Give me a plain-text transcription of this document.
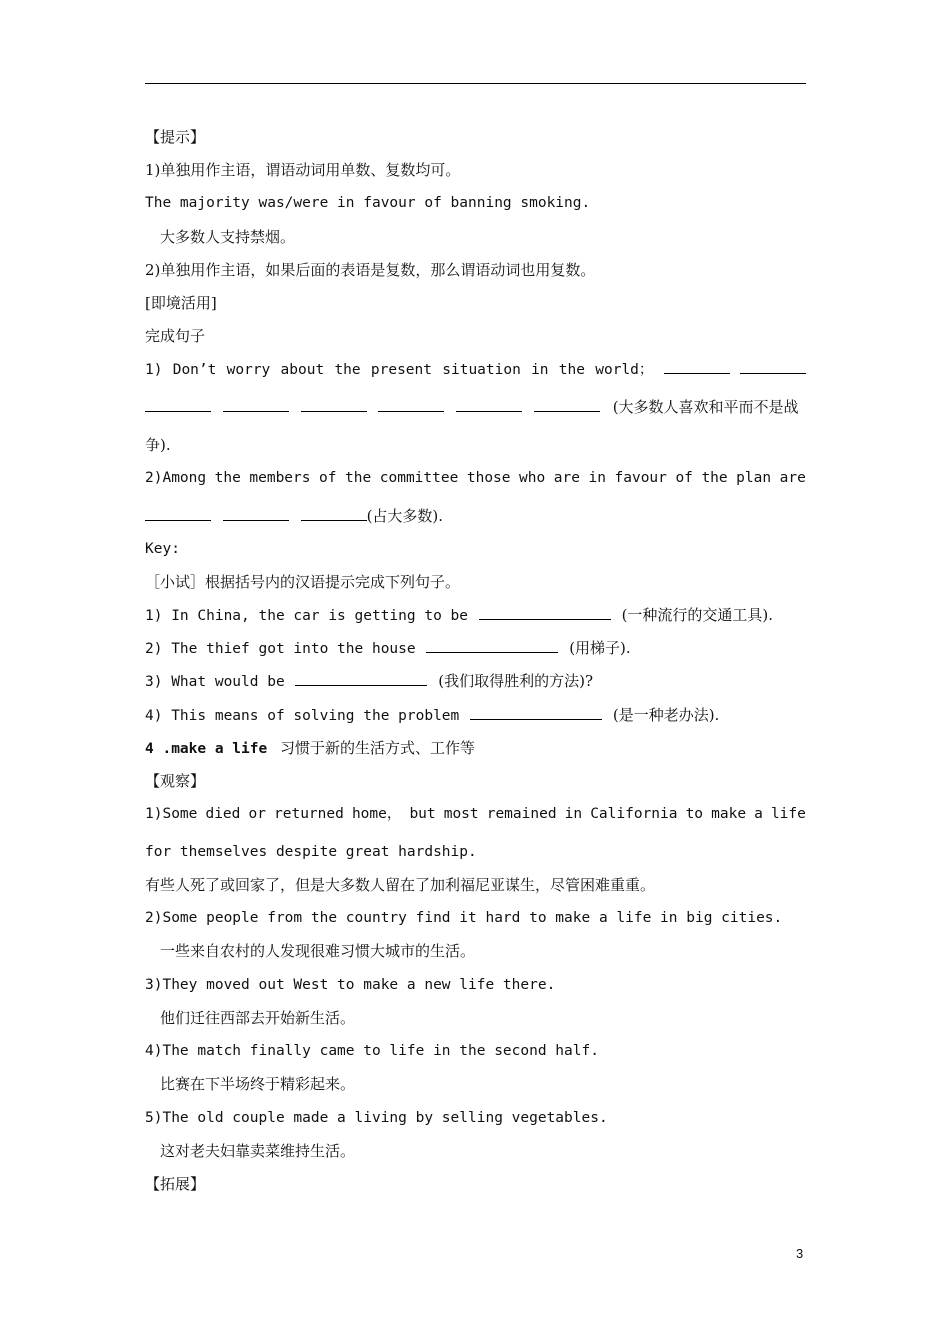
【提示】
1)单独用作主语，谓语动词用单数、复数均可。
The majority was/were in favour of banning smoking.
大多数人支持禁烟。
2)单独用作主语，如果后面的表语是复数，那么谓语动词也用复数。
[即境活用]
完成句子
1) Don’t worry about the present situation in the world；
(大多数人喜欢和平而不是战
争).
2)Among the members of the committee those who are in favour of the plan are
(占大多数).
Key:
［小试］根据括号内的汉语提示完成下列句子。
1) In China, the car is getting to be	(一种流行的交通工具).
2) The thief got into the house	(用梯子).
3) What would be	(我们取得胜利的方法)?
4) This means of solving the problem	(是一种老办法).
4 .make a life 习惯于新的生活方式、工作等
【观察】
1)Some died or returned home， but most remained in California to make a life
for themselves despite great hardship.
有些人死了或回家了，但是大多数人留在了加利福尼亚谋生，尽管困难重重。
2)Some people from the country find it hard to make a life in big cities.
一些来自农村的人发现很难习惯大城市的生活。
3)They moved out West to make a new life there.
他们迁往西部去开始新生活。
4)The match finally came to life in the second half.
比赛在下半场终于精彩起来。
5)The old couple made a living by selling vegetables.
这对老夫妇靠卖菜维持生活。
【拓展】
3
